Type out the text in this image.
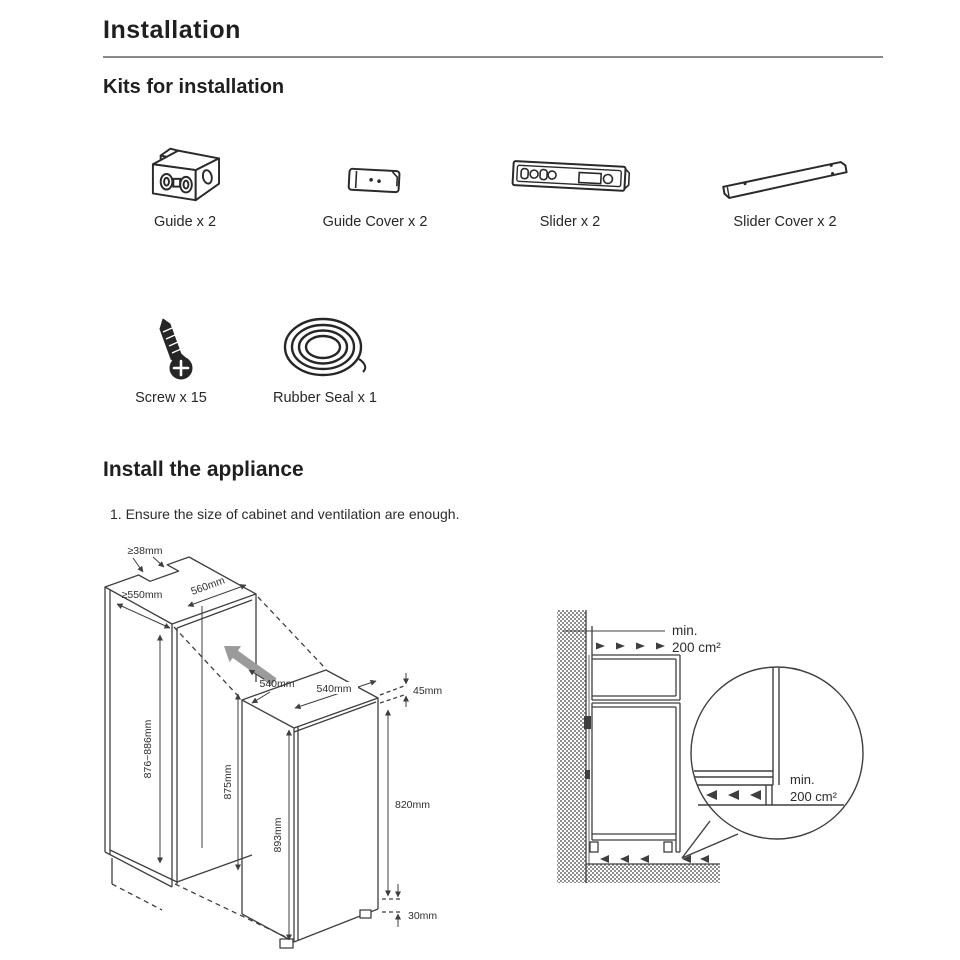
Installation
Kits for installation
Guide x 2	Guide Cover x 2	Slider x 2	Slider Cover x 2
Screw x 15	Rubber Seal x 1
Install the appliance
1. Ensure the size of cabinet and ventilation are enough.
≥38mm
≥550mm	560mm
540mm 540mm	45mm
876~886mm
875mm
893mm
820mm
30mm
min.
200 cm²
min.
200 cm²
